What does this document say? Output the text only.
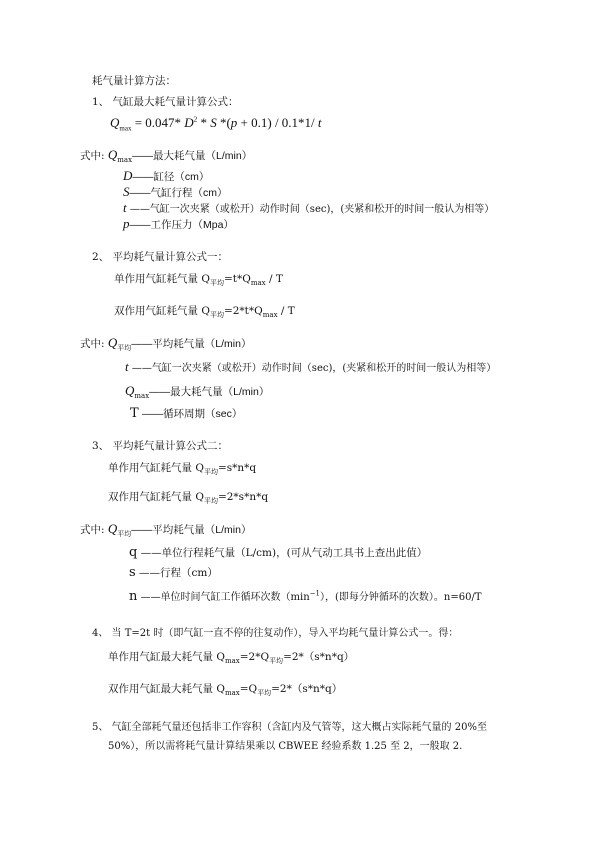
耗气量计算方法：
1、 气缸最大耗气量计算公式：
$Q_{max} = 0.047*$ $D^2$ * S *(p + 0.1) / 0.1*1/ t
式中: $Q_{max}——$最大耗气量（L/min）
D——缸径（cm）
S——气缸行程（cm）
t ——气缸一次夹紧（或松开）动作时间（sec)，(夹紧和松开的时间一般认为相等）
p——工作压力（Mpa）
2、 平均耗气量计算公式一：
单作用气缸耗气量 $Q_{平均}=t*Q_{max} / T$
双作用气缸耗气量 $Q_{平均}=2*t*Q_{max} / T$
式中: $Q_{平均}——$平均耗气量（L/min）
t ——气缸一次夹紧（或松开）动作时间（sec)，(夹紧和松开的时间一般认为相等）
$Q_{max}——$最大耗气量（L/min）
T ——循环周期（sec）
3、 平均耗气量计算公式二：
单作用气缸耗气量 $Q_{平均}=s*n*q$
双作用气缸耗气量 $Q_{平均}=2*s*n*q$
式中: $Q_{平均}——$平均耗气量（L/min）
q ——单位行程耗气量（L/cm)，(可从气动工具书上查出此值）
s ——行程（cm）
n ——单位时间气缸工作循环次数$(\min^{-1})$，(即每分钟循环的次数）。n=60/T
4、 当 T=2t 时（即气缸一直不停的往复动作），导入平均耗气量计算公式一。得：
单作用气缸最大耗气量 $Q_{max}=2*Q_{平均}=2*(s*n*q)$
双作用气缸最大耗气量 $Q_{max}=Q_{平均}=2*(s*n*q)$
5、 气缸全部耗气量还包括非工作容积（含缸内及气管等，这大概占实际耗气量的 20%至
50%），所以需将耗气量计算结果乘以 CBWEE 经验系数 1.25 至 2，一般取 2.
